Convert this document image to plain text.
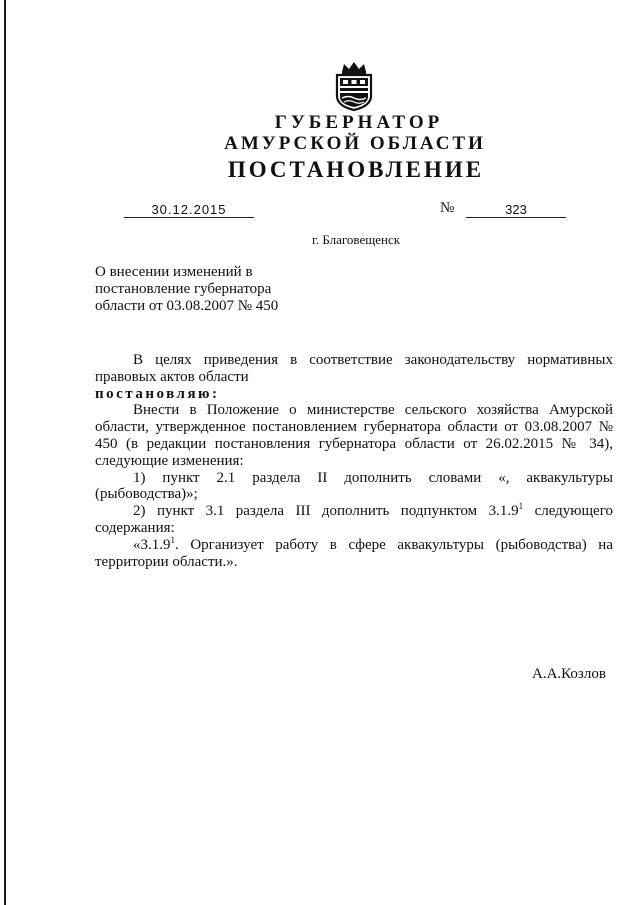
ГУБЕРНАТОР
АМУРСКОЙ ОБЛАСТИ
ПОСТАНОВЛЕНИЕ
30.12.2015	№	323
г. Благовещенск
О внесении изменений в
постановление губернатора
области от 03.08.2007 № 450
В целях приведения в соответствие законодательству нормативных правовых актов области
постановляю:
Внести в Положение о министерстве сельского хозяйства Амурской области, утвержденное постановлением губернатора области от 03.08.2007 № 450 (в редакции постановления губернатора области от 26.02.2015 № 34), следующие изменения:
1) пункт 2.1 раздела II дополнить словами «, аквакультуры (рыбоводства)»;
2) пункт 3.1 раздела III дополнить подпунктом 3.1.9$^1$ следующего содержания:
«3.1.9$^1$. Организует работу в сфере аквакультуры (рыбоводства) на территории области.».
А.А.Козлов
